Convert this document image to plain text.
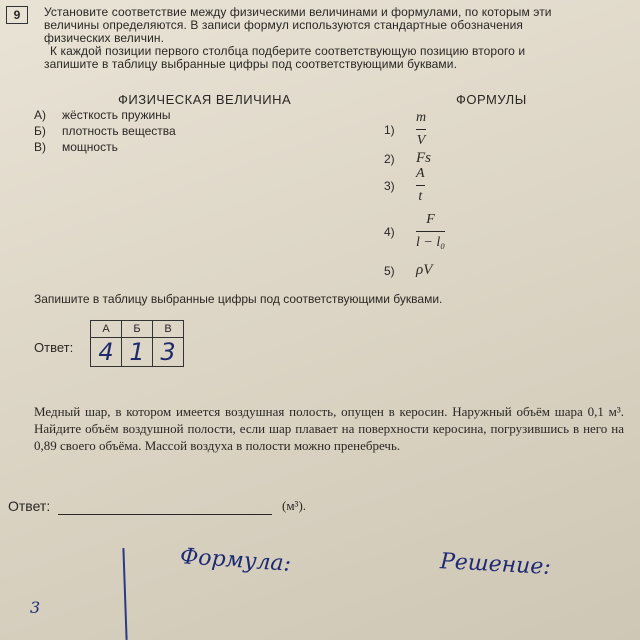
9	Установите соответствие между физическими величинами и формулами, по которым эти

величины определяются. В записи формул используются стандартные обозначения

физических величин.

К каждой позиции первого столбца подберите соответствующую позицию второго и

запишите в таблицу выбранные цифры под соответствующими буквами.

ФИЗИЧЕСКАЯ ВЕЛИЧИНА	ФОРМУЛЫ
А) жёсткость пружины
Б) плотность вещества
В) мощность
1)	$\frac{m}{V}$
2)	Fs
3)	$\frac{A}{t}$
4)	$\frac{F}{\text{l − l₀}}$
5)	ρV
Запишите в таблицу выбранные цифры под соответствующими буквами.
Ответ:
А	Б	В
4	1	3
Медный шар, в котором имеется воздушная полость, опущен в керосин. Наружный объём шара 0,1 м³. Найдите объём воздушной полости, если шар плавает на поверхности керосина, погрузившись в него на 0,89 своего объёма. Массой воздуха в полости можно пренебречь.
Ответ:	(м³).
Формула:	Решение:
3
